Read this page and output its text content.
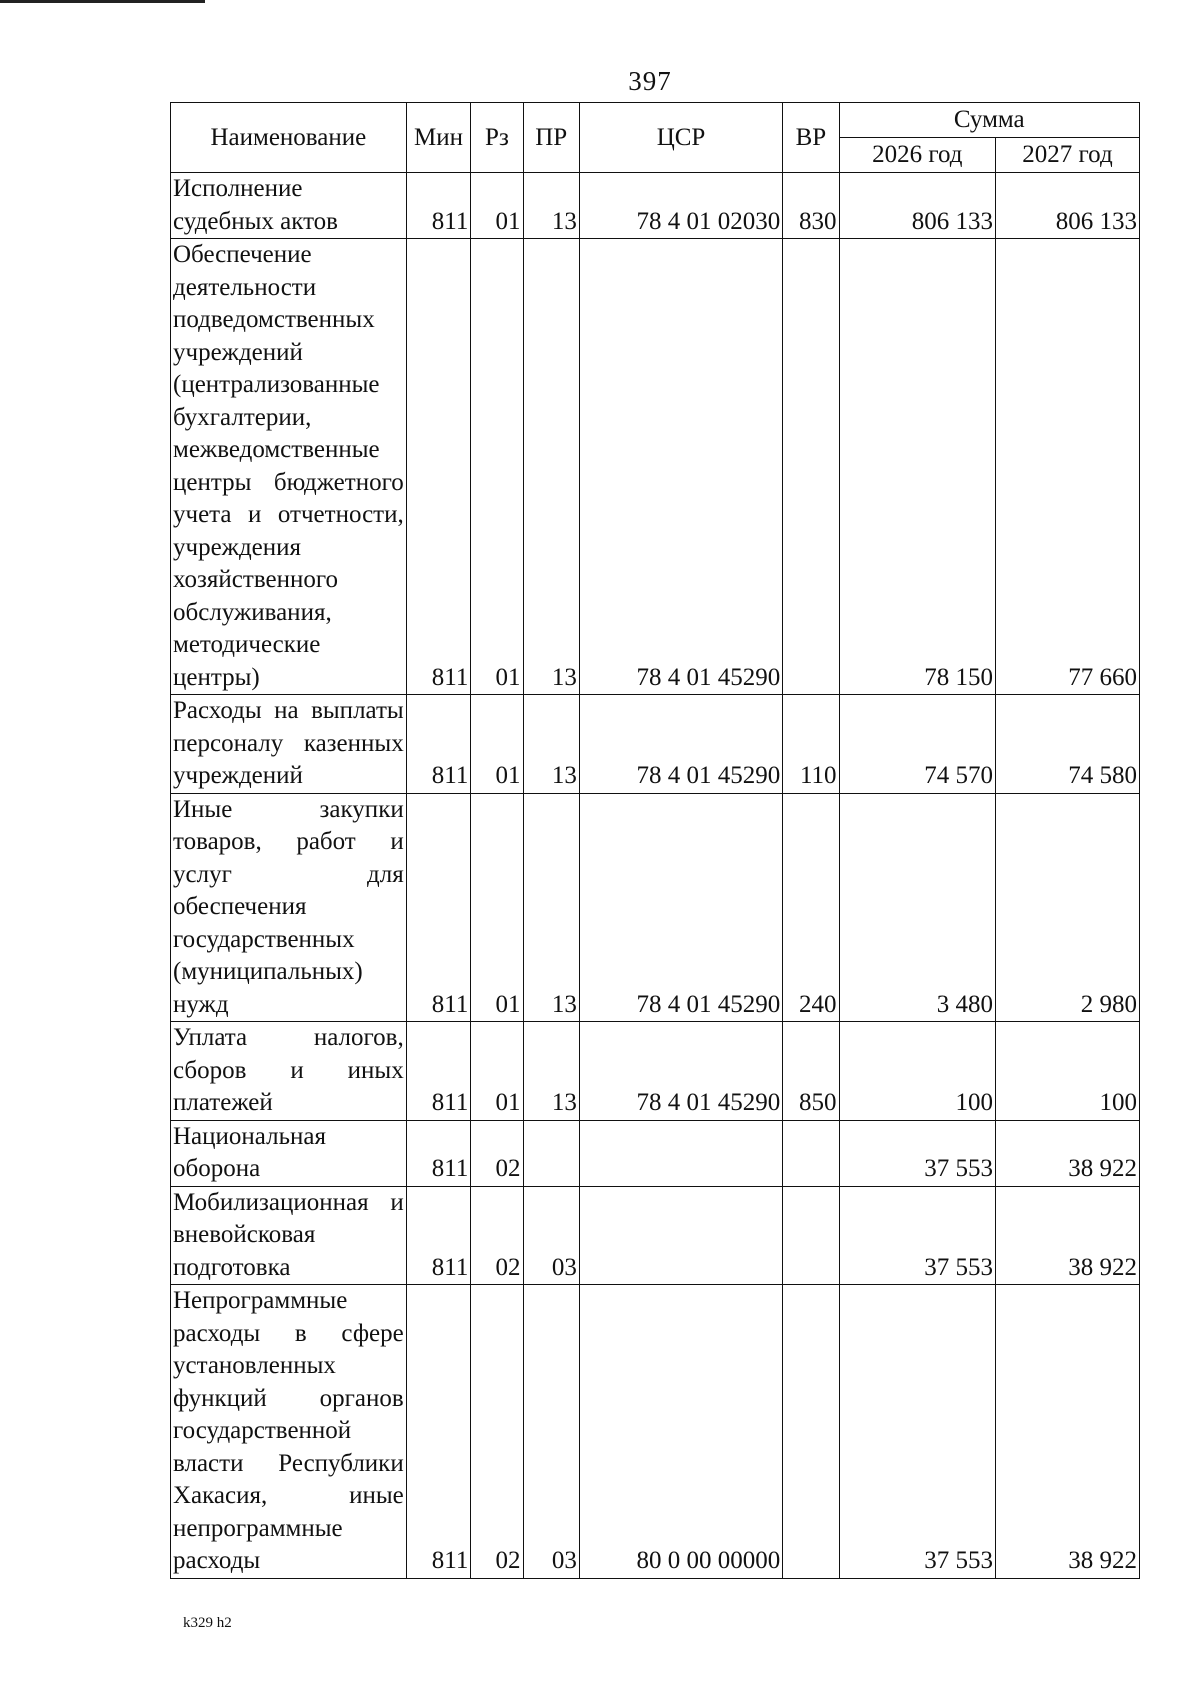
397
Наименование	Мин	Рз	ПР	ЦСР	ВР	Сумма	
						2026 год	2027 год
Исполнение судебных актов	811	01	13	78 4 01 02030	830	806 133	806 133
Обеспечение деятельности подведомственных учреждений (централизованные бухгалтерии, межведомственные центры бюджетного учета и отчетности, учреждения хозяйственного обслуживания, методические центры)	811	01	13	78 4 01 45290		78 150	77 660
Расходы на выплаты персоналу казенных учреждений	811	01	13	78 4 01 45290	110	74 570	74 580
Иные закупки товаров, работ и услуг для обеспечения государственных (муниципальных) нужд	811	01	13	78 4 01 45290	240	3 480	2 980
Уплата налогов, сборов и иных платежей	811	01	13	78 4 01 45290	850	100	100
Национальная оборона	811	02				37 553	38 922
Мобилизационная и вневойсковая подготовка	811	02	03			37 553	38 922
Непрограммные расходы в сфере установленных функций органов государственной власти Республики Хакасия, иные непрограммные расходы	811	02	03	80 0 00 00000		37 553	38 922
k329 h2
